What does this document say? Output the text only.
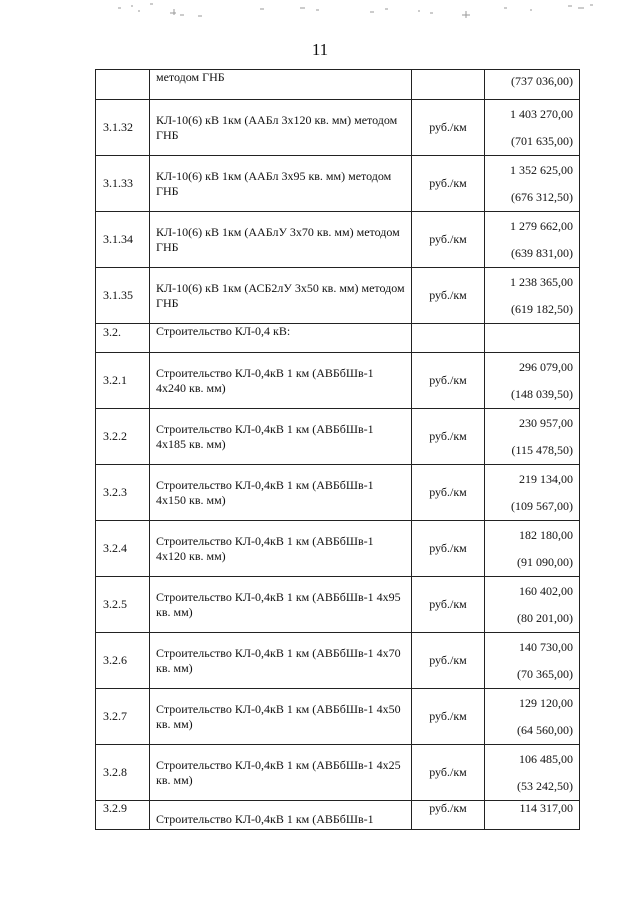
11
	методом ГНБ		(737 036,00)

3.1.32	КЛ-10(6) кВ 1км (ААБл 3х120 кв. мм) методом ГНБ	руб./км	1 403 270,00
(701 635,00)

3.1.33	КЛ-10(6) кВ 1км (ААБл 3х95 кв. мм) методом ГНБ	руб./км	1 352 625,00
(676 312,50)

3.1.34	КЛ-10(6) кВ 1км (ААБлУ 3х70 кв. мм) методом ГНБ	руб./км	1 279 662,00
(639 831,00)

3.1.35	КЛ-10(6) кВ 1км (АСБ2лУ 3х50 кв. мм) методом ГНБ	руб./км	1 238 365,00
(619 182,50)

3.2.	Строительство КЛ-0,4 кВ:		
3.2.1	Строительство КЛ-0,4кВ 1 км (АВБбШв-1 4х240 кв. мм)	руб./км	296 079,00
(148 039,50)

3.2.2	Строительство КЛ-0,4кВ 1 км (АВБбШв-1 4х185 кв. мм)	руб./км	230 957,00
(115 478,50)

3.2.3	Строительство КЛ-0,4кВ 1 км (АВБбШв-1 4х150 кв. мм)	руб./км	219 134,00
(109 567,00)

3.2.4	Строительство КЛ-0,4кВ 1 км (АВБбШв-1 4х120 кв. мм)	руб./км	182 180,00
(91 090,00)

3.2.5	Строительство КЛ-0,4кВ 1 км (АВБбШв-1 4х95 кв. мм)	руб./км	160 402,00
(80 201,00)

3.2.6	Строительство КЛ-0,4кВ 1 км (АВБбШв-1 4х70 кв. мм)	руб./км	140 730,00
(70 365,00)

3.2.7	Строительство КЛ-0,4кВ 1 км (АВБбШв-1 4х50 кв. мм)	руб./км	129 120,00
(64 560,00)

3.2.8	Строительство КЛ-0,4кВ 1 км (АВБбШв-1 4х25 кв. мм)	руб./км	106 485,00
(53 242,50)

3.2.9	Строительство КЛ-0,4кВ 1 км (АВБбШв-1	руб./км	114 317,00
